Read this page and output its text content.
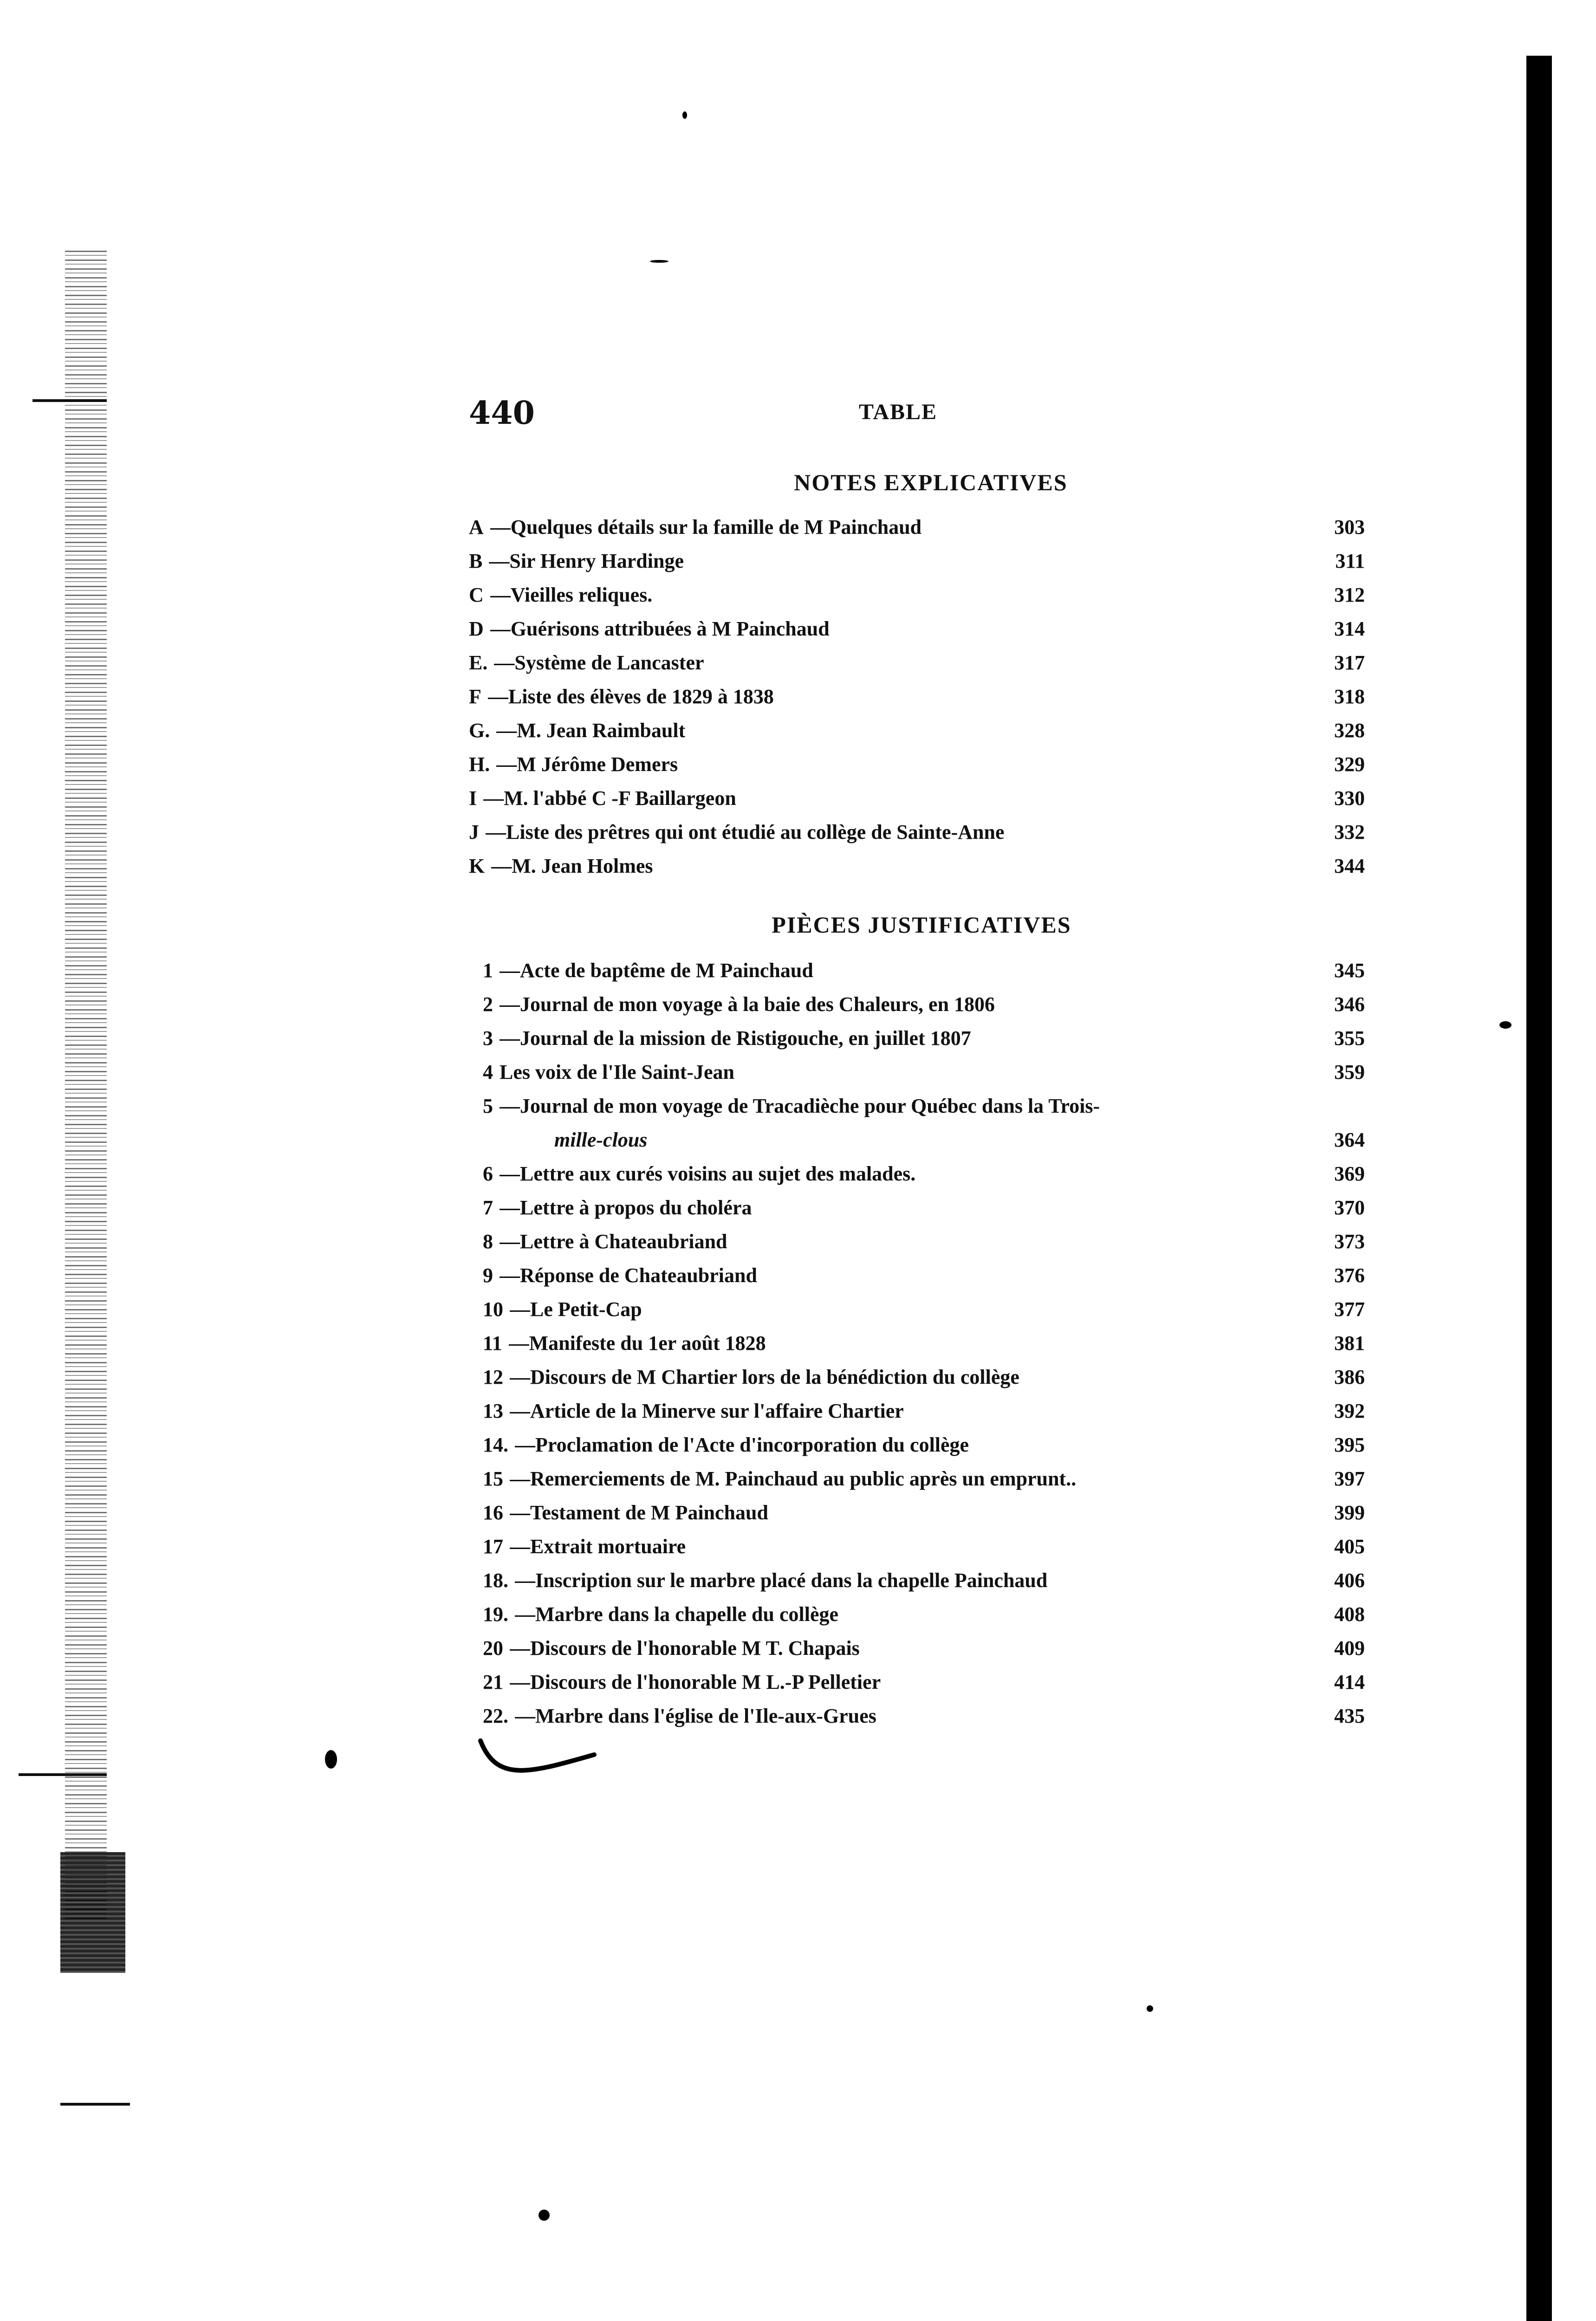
440	TABLE
NOTES EXPLICATIVES
A —Quelques détails sur la famille de M Painchaud	303
B —Sir Henry Hardinge	311
C —Vieilles reliques.	312
D —Guérisons attribuées à M Painchaud	314
E. —Système de Lancaster	317
F —Liste des élèves de 1829 à 1838	318
G. —M. Jean Raimbault	328
H. —M Jérôme Demers	329
I —M. l'abbé C -F Baillargeon	330
J —Liste des prêtres qui ont étudié au collège de Sainte-Anne	332
K —M. Jean Holmes	344
PIÈCES JUSTIFICATIVES
1 —Acte de baptême de M Painchaud	345
2 —Journal de mon voyage à la baie des Chaleurs, en 1806	346
3 —Journal de la mission de Ristigouche, en juillet 1807	355
4 Les voix de l'Ile Saint-Jean	359
5 —Journal de mon voyage de Tracadièche pour Québec dans la Trois-
mille-clous	364
6 —Lettre aux curés voisins au sujet des malades.	369
7 —Lettre à propos du choléra	370
8 —Lettre à Chateaubriand	373
9 —Réponse de Chateaubriand	376
10 —Le Petit-Cap	377
11 —Manifeste du 1er août 1828	381
12 —Discours de M Chartier lors de la bénédiction du collège	386
13 —Article de la Minerve sur l'affaire Chartier	392
14. —Proclamation de l'Acte d'incorporation du collège	395
15 —Remerciements de M. Painchaud au public après un emprunt..	397
16 —Testament de M Painchaud	399
17 —Extrait mortuaire	405
18. —Inscription sur le marbre placé dans la chapelle Painchaud	406
19. —Marbre dans la chapelle du collège	408
20 —Discours de l'honorable M T. Chapais	409
21 —Discours de l'honorable M L.-P Pelletier	414
22. —Marbre dans l'église de l'Ile-aux-Grues	435
